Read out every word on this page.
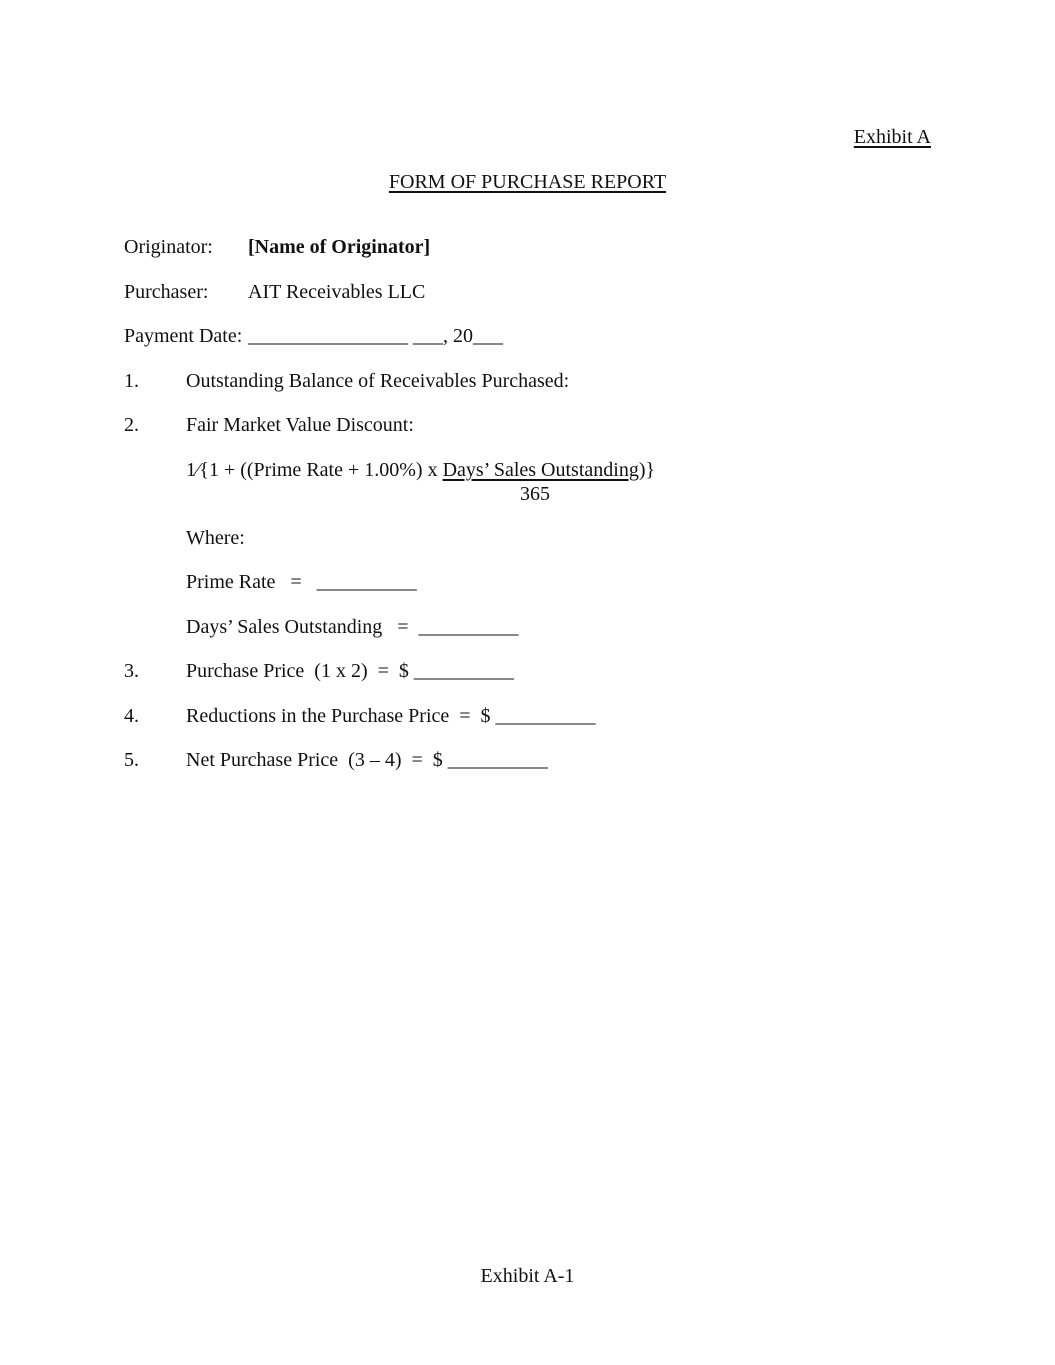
Exhibit A
FORM OF PURCHASE REPORT
Originator: [Name of Originator]
Purchaser: AIT Receivables LLC
Payment Date: ________________ ___, 20___
1. Outstanding Balance of Receivables Purchased:
2. Fair Market Value Discount:
1⁄{1 + ((Prime Rate + 1.00%) x Days’ Sales Outstanding)}
365
Where:
Prime Rate   =   __________
Days’ Sales Outstanding   =  __________
3. Purchase Price  (1 x 2)  =  $ __________
4. Reductions in the Purchase Price  =  $ __________
5. Net Purchase Price  (3 – 4)  =  $ __________
Exhibit A-1
